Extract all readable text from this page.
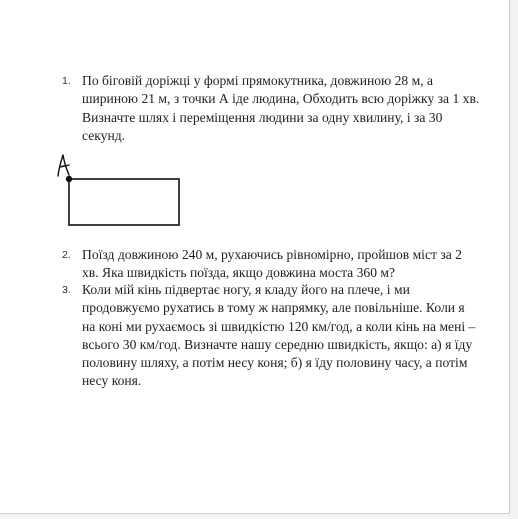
1. По біговій доріжці у формі прямокутника, довжиною 28 м, а шириною 21 м, з точки А іде людина, Обходить всю доріжку за 1 хв. Визначте шлях і переміщення людини за одну хвилину, і за 30 секунд.
2. Поїзд довжиною 240 м, рухаючись рівномірно, пройшов міст за 2 хв. Яка швидкість поїзда, якщо довжина моста 360 м?
3. Коли мій кінь підвертає ногу, я кладу його на плече, і ми продовжуємо рухатись в тому ж напрямку, але повільніше. Коли я на коні ми рухаємось зі швидкістю 120 км/год, а коли кінь на мені – всього 30 км/год. Визначте нашу середню швидкість, якщо: а) я їду половину шляху, а потім несу коня; б) я їду половину часу, а потім несу коня.
